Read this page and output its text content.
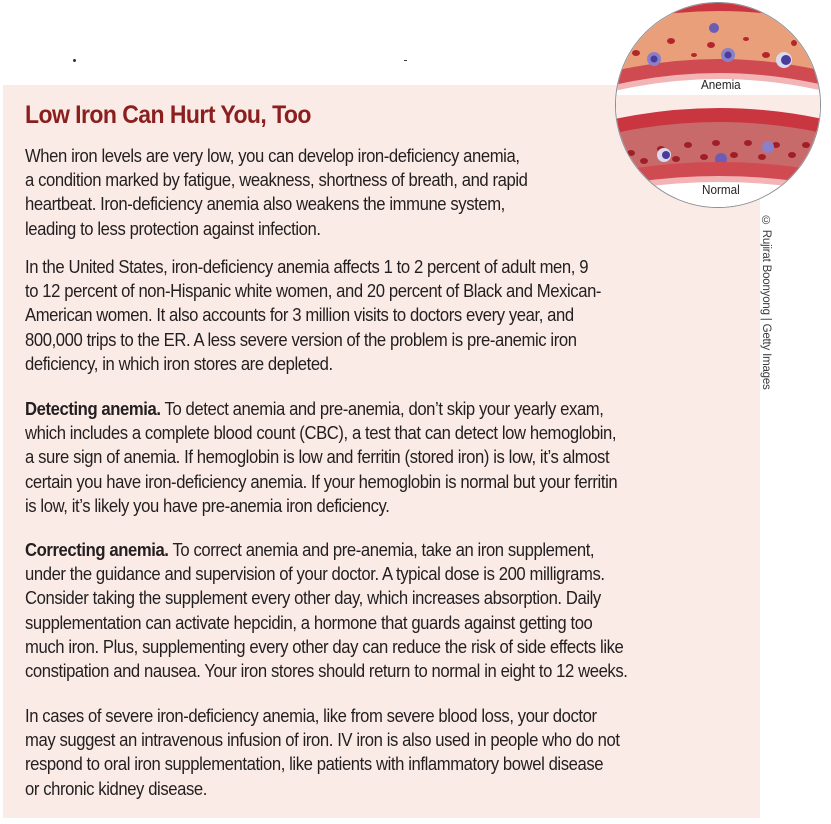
Low Iron Can Hurt You, Too
When iron levels are very low, you can develop iron-deficiency anemia,
a condition marked by fatigue, weakness, shortness of breath, and rapid
heartbeat. Iron-deficiency anemia also weakens the immune system,
leading to less protection against infection.
In the United States, iron-deficiency anemia affects 1 to 2 percent of adult men, 9
to 12 percent of non-Hispanic white women, and 20 percent of Black and Mexican-
American women. It also accounts for 3 million visits to doctors every year, and
800,000 trips to the ER. A less severe version of the problem is pre-anemic iron
deficiency, in which iron stores are depleted.
Detecting anemia. To detect anemia and pre-anemia, don’t skip your yearly exam,
which includes a complete blood count (CBC), a test that can detect low hemoglobin,
a sure sign of anemia. If hemoglobin is low and ferritin (stored iron) is low, it’s almost
certain you have iron-deficiency anemia. If your hemoglobin is normal but your ferritin
is low, it’s likely you have pre-anemia iron deficiency.
Correcting anemia. To correct anemia and pre-anemia, take an iron supplement,
under the guidance and supervision of your doctor. A typical dose is 200 milligrams.
Consider taking the supplement every other day, which increases absorption. Daily
supplementation can activate hepcidin, a hormone that guards against getting too
much iron. Plus, supplementing every other day can reduce the risk of side effects like
constipation and nausea. Your iron stores should return to normal in eight to 12 weeks.
In cases of severe iron-deficiency anemia, like from severe blood loss, your doctor
may suggest an intravenous infusion of iron. IV iron is also used in people who do not
respond to oral iron supplementation, like patients with inflammatory bowel disease
or chronic kidney disease.
Anemia
Normal
© Rujirat Boonyong | Getty Images
